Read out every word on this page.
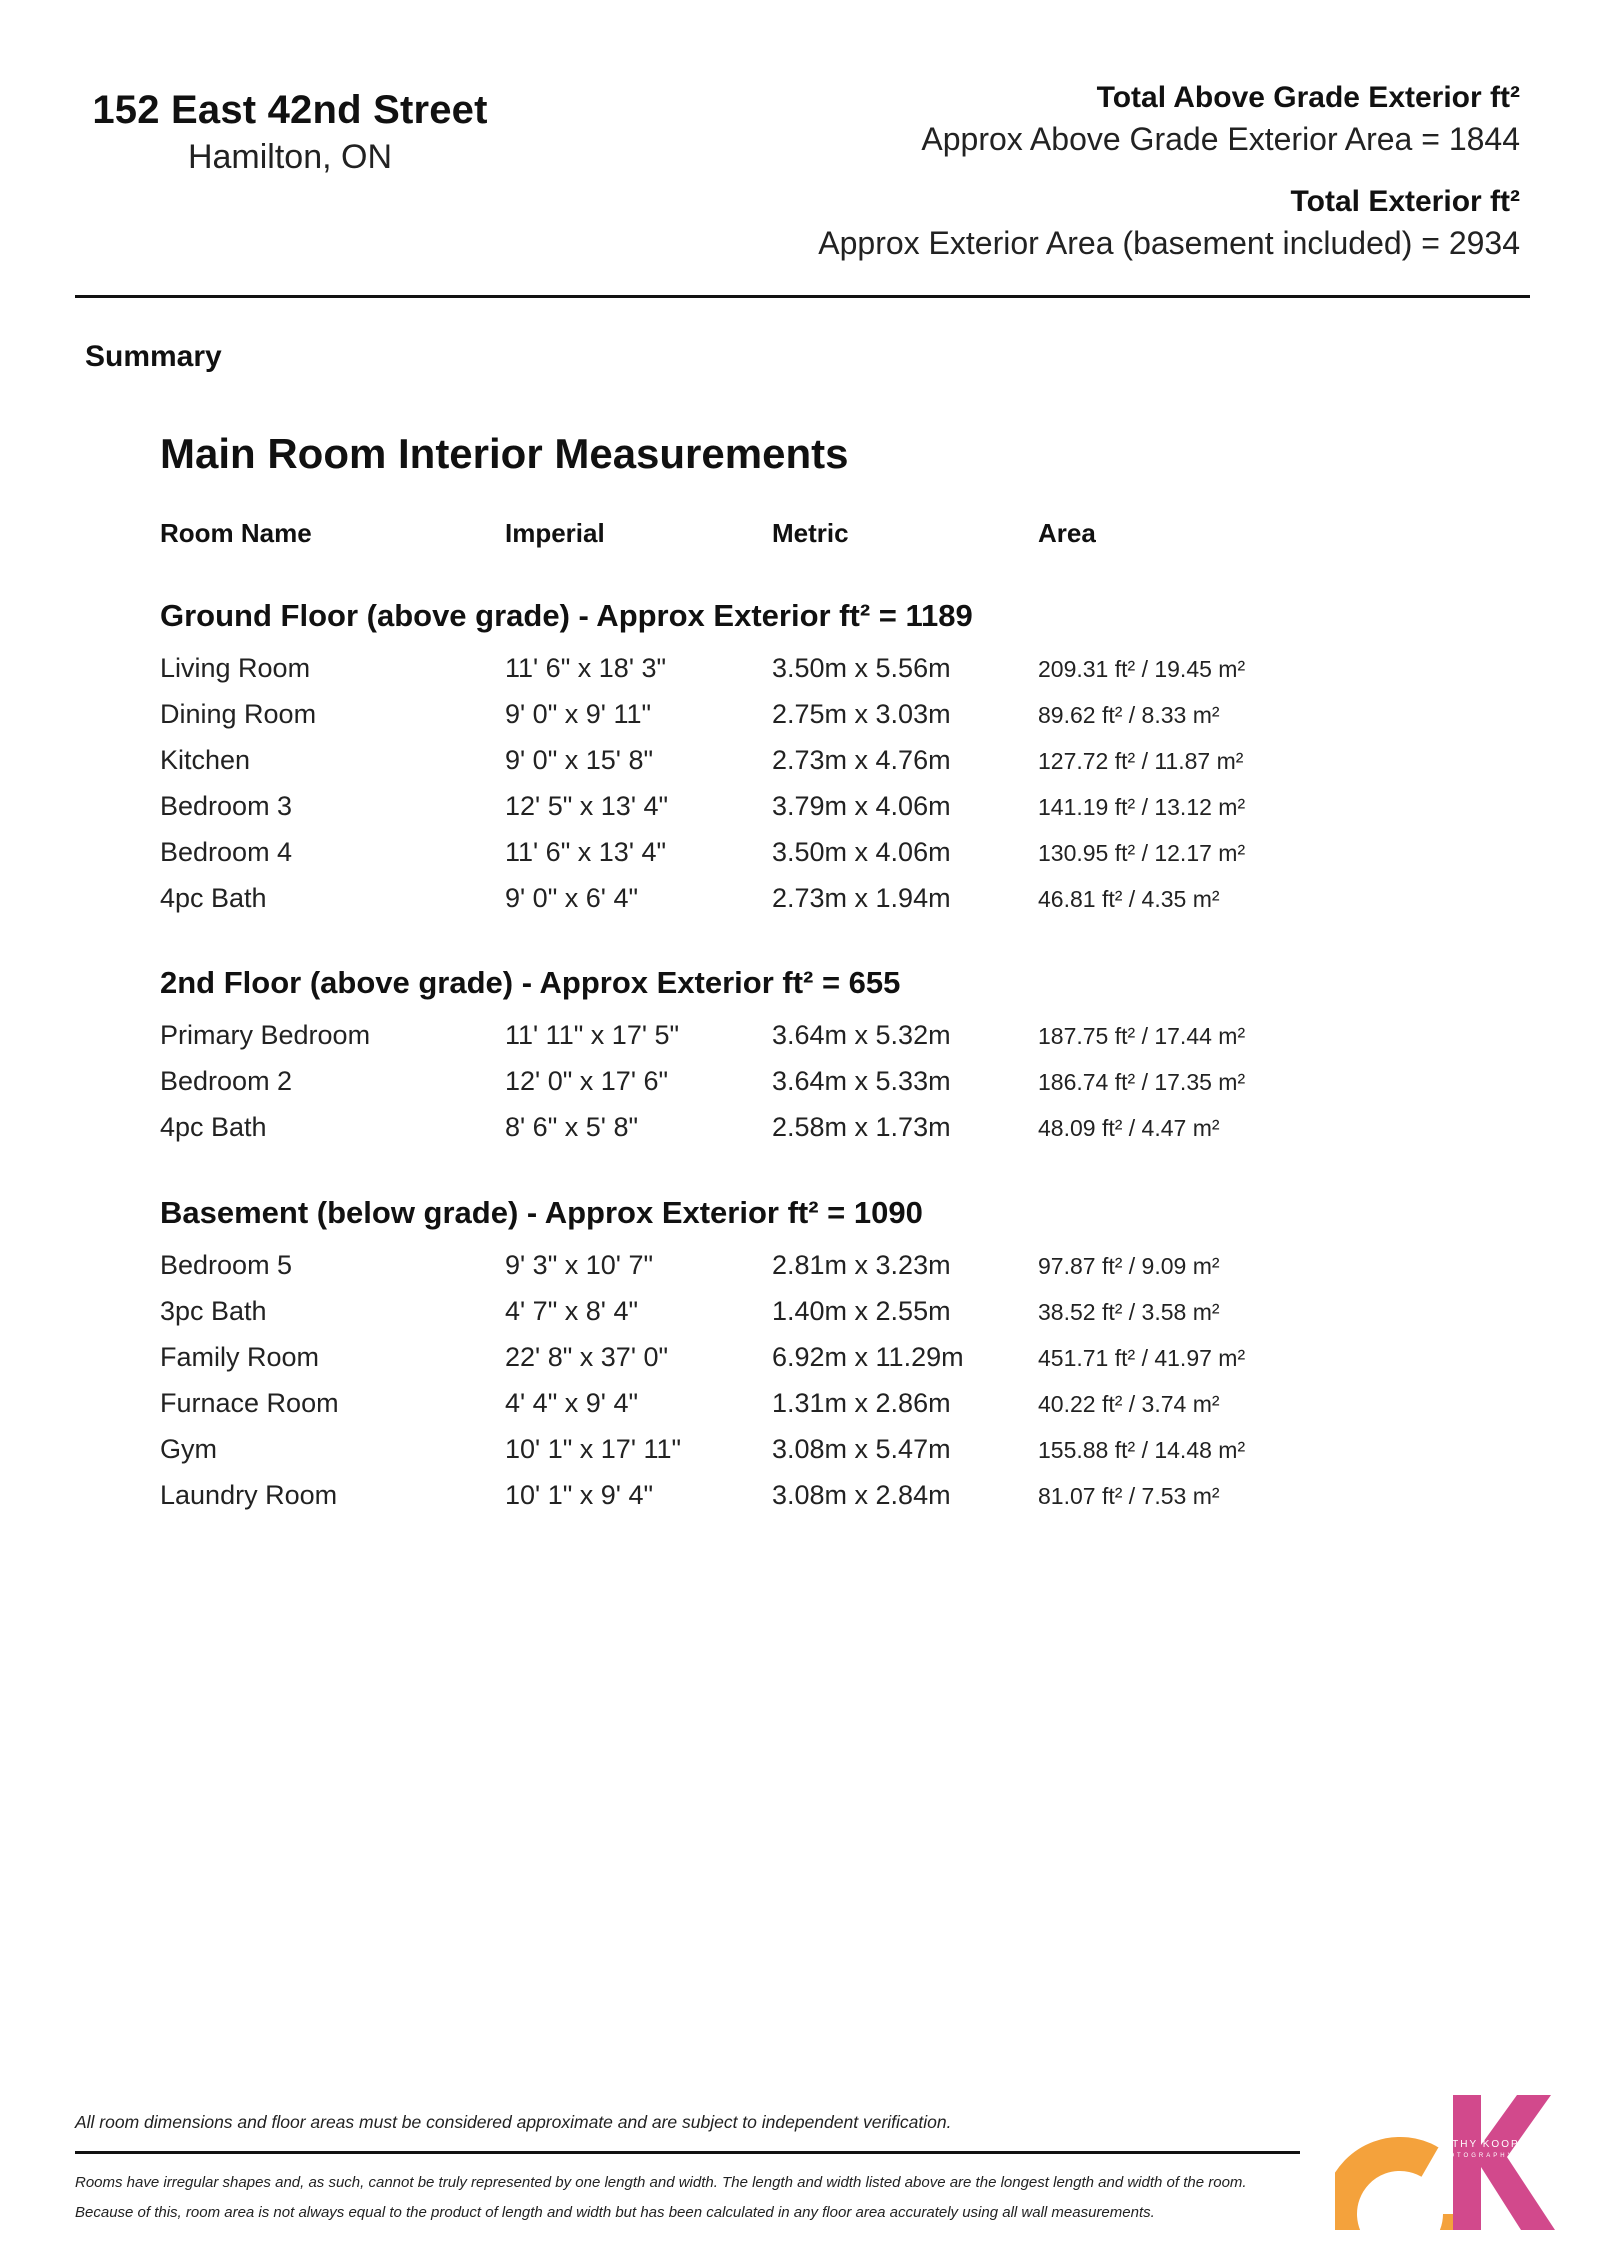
152 East 42nd Street
Hamilton, ON
Total Above Grade Exterior ft²
Approx Above Grade Exterior Area = 1844
Total Exterior ft²
Approx Exterior Area (basement included) = 2934
Summary
Main Room Interior Measurements
Room Name	Imperial	Metric	Area
Ground Floor (above grade) - Approx Exterior ft² = 1189
Living Room	11' 6" x 18' 3"	3.50m x 5.56m	209.31 ft² / 19.45 m²
Dining Room	9' 0" x 9' 11"	2.75m x 3.03m	89.62 ft² / 8.33 m²
Kitchen	9' 0" x 15' 8"	2.73m x 4.76m	127.72 ft² / 11.87 m²
Bedroom 3	12' 5" x 13' 4"	3.79m x 4.06m	141.19 ft² / 13.12 m²
Bedroom 4	11' 6" x 13' 4"	3.50m x 4.06m	130.95 ft² / 12.17 m²
4pc Bath	9' 0" x 6' 4"	2.73m x 1.94m	46.81 ft² / 4.35 m²
2nd Floor (above grade) - Approx Exterior ft² = 655
Primary Bedroom	11' 11" x 17' 5"	3.64m x 5.32m	187.75 ft² / 17.44 m²
Bedroom 2	12' 0" x 17' 6"	3.64m x 5.33m	186.74 ft² / 17.35 m²
4pc Bath	8' 6" x 5' 8"	2.58m x 1.73m	48.09 ft² / 4.47 m²
Basement (below grade) - Approx Exterior ft² = 1090
Bedroom 5	9' 3" x 10' 7"	2.81m x 3.23m	97.87 ft² / 9.09 m²
3pc Bath	4' 7" x 8' 4"	1.40m x 2.55m	38.52 ft² / 3.58 m²
Family Room	22' 8" x 37' 0"	6.92m x 11.29m	451.71 ft² / 41.97 m²
Furnace Room	4' 4" x 9' 4"	1.31m x 2.86m	40.22 ft² / 3.74 m²
Gym	10' 1" x 17' 11"	3.08m x 5.47m	155.88 ft² / 14.48 m²
Laundry Room	10' 1" x 9' 4"	3.08m x 2.84m	81.07 ft² / 7.53 m²
All room dimensions and floor areas must be considered approximate and are subject to independent verification.
Rooms have irregular shapes and, as such, cannot be truly represented by one length and width. The length and width listed above are the longest length and width of the room.
Because of this, room area is not always equal to the product of length and width but has been calculated in any floor area accurately using all wall measurements.
CATHY KOOP
PHOTOGRAPHY
